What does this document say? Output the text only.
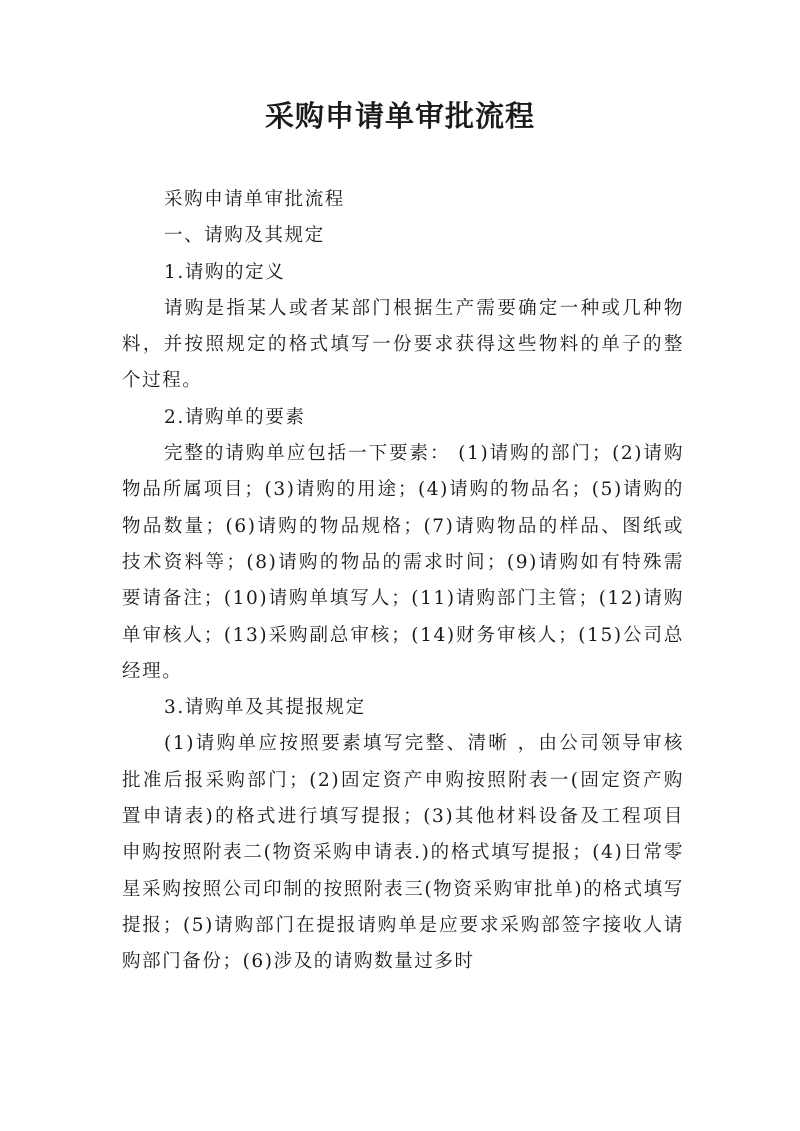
采购申请单审批流程

采购申请单审批流程

一、请购及其规定

1.请购的定义

请购是指某人或者某部门根据生产需要确定一种或几种物料，并按照规定的格式填写一份要求获得这些物料的单子的整个过程。

2.请购单的要素

完整的请购单应包括一下要素： (1)请购的部门；(2)请购物品所属项目；(3)请购的用途；(4)请购的物品名；(5)请购的物品数量；(6)请购的物品规格；(7)请购物品的样品、图纸或技术资料等；(8)请购的物品的需求时间；(9)请购如有特殊需要请备注；(10)请购单填写人；(11)请购部门主管；(12)请购单审核人；(13)采购副总审核；(14)财务审核人；(15)公司总经理。

3.请购单及其提报规定

(1)请购单应按照要素填写完整、清晰 ，由公司领导审核批准后报采购部门；(2)固定资产申购按照附表一(固定资产购置申请表)的格式进行填写提报；(3)其他材料设备及工程项目申购按照附表二(物资采购申请表.)的格式填写提报；(4)日常零星采购按照公司印制的按照附表三(物资采购审批单)的格式填写提报；(5)请购部门在提报请购单是应要求采购部签字接收人请购部门备份；(6)涉及的请购数量过多时
